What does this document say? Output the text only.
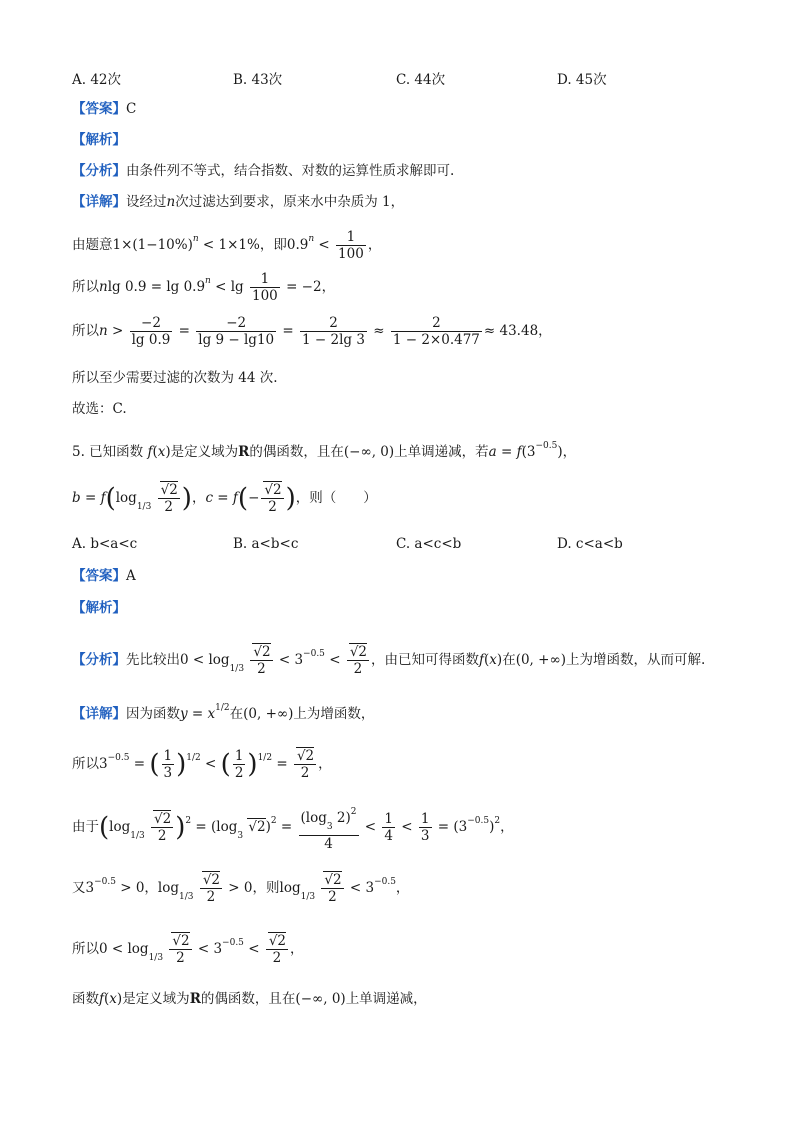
A. 42次	B. 43次	C. 44次	D. 45次
【答案】C
【解析】
【分析】由条件列不等式，结合指数、对数的运算性质求解即可.
【详解】设经过n次过滤达到要求，原来水中杂质为 1，
由题意$1\times(1-10\%)^n < 1\times 1\%$，即$0.9^n < \frac{1}{100}$ ，
所以nlg $0.9 = \lg 0.9^n < \lg \frac{1}{100} = -2$，
所以$n > \frac{-2}{\lg 0.9} = \frac{-2}{\lg 9 - \lg 10} = \frac{2}{1 - 2\lg 3} \approx \frac{2}{1 - 2\times 0.477} \approx 43.48$，
所以至少需要过滤的次数为 44 次.
故选：C.
5. 已知函数 f(x)是定义域为R的偶函数，且在(−∞, 0)上单调递减，若$a = f(3^{-0.5})$，
$b = f(\log_{1/3} \frac{√2}{2}$ )，$c = f(- \frac{√2}{2}$ )，则（　　）
A. b<a<c	B. a<b<c	C. a<c<b	D. c<a<b
【答案】A
【解析】
【分析】先比较出$0 < \log_{1/3} \frac{√2}{2} < 3^{-0.5} < \frac{√2}{2}$ ，由已知可得函数f(x)在(0, +∞)上为增函数，从而可解.
【详解】因为函数$y = x^{1/2}$在(0, +∞)上为增函数，
所以$3^{-0.5}$ = ( $\frac{1}{3} )^{1/2}$ < ( $\frac{1}{2} )^{1/2} = \frac{√2}{2}$ ，
由于$(\log_{1/3} \frac{√2}{2} )^2 = (\log_3$ $√2)^2 = \frac{(\log_3 2)^2}{4} < \frac{1}{4} < \frac{1}{3} = (3^{-0.5})^2$，
又$3^{-0.5} > 0$，$\log_{1/3} \frac{√2}{2} > 0$，则$\log_{1/3} \frac{√2}{2} < 3^{-0.5}$，
所以$0 < \log_{1/3} \frac{√2}{2} < 3^{-0.5} < \frac{√2}{2}$ ，
函数f(x)是定义域为R的偶函数，且在(−∞, 0)上单调递减，
